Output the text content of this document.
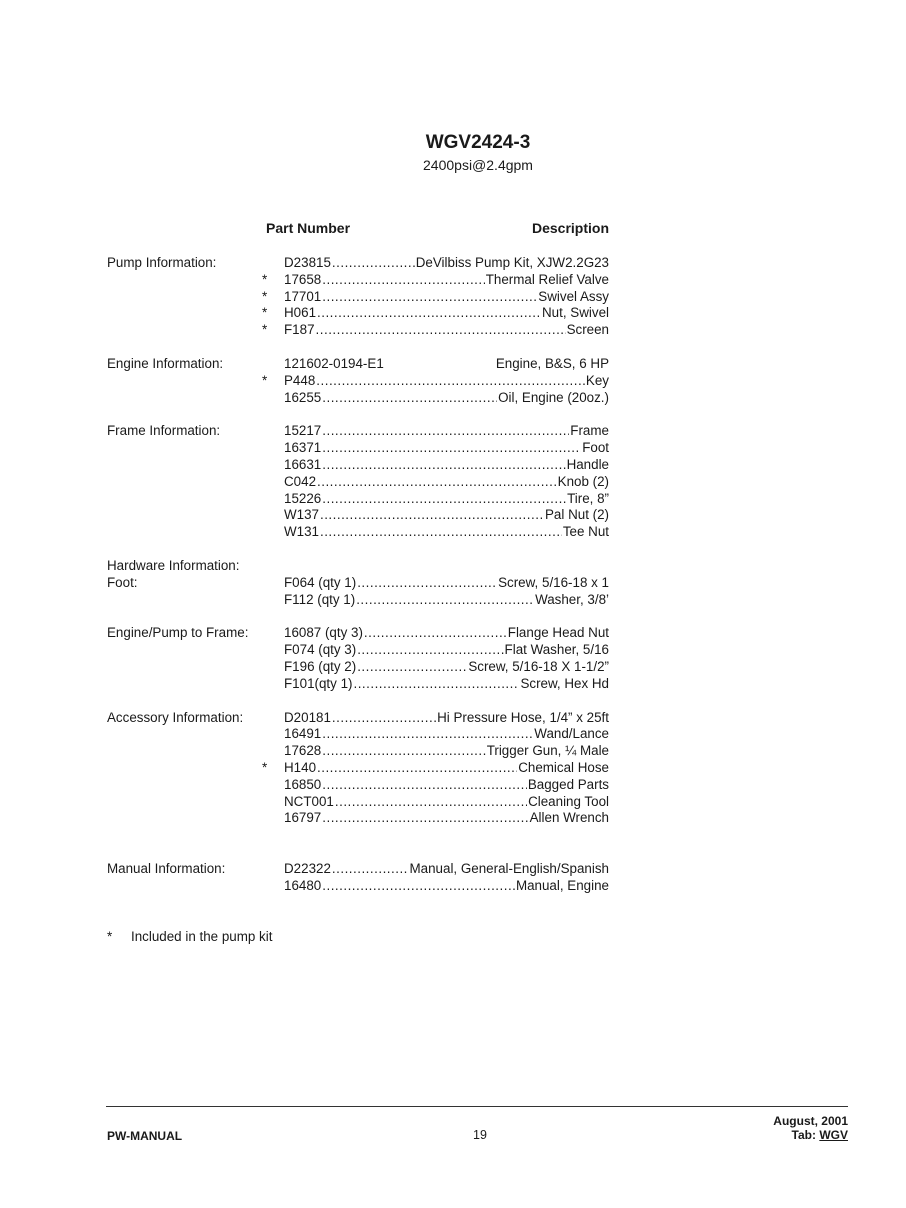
WGV2424-3
2400psi@2.4gpm
Part Number	Description
Pump Information:	D23815 .....	DeVilbiss Pump Kit, XJW2.2G23
* 17658 .....	Thermal Relief Valve
* 17701 .....	Swivel Assy
* H061 .....	Nut, Swivel
* F187 .....	Screen
Engine Information:	121602-0194-E1	Engine, B&S, 6 HP
* P448 .....	Key
16255 .....	Oil, Engine (20oz.)
Frame Information:	15217 .....	Frame
16371 .....	Foot
16631 .....	Handle
C042 .....	Knob (2)
15226 .....	Tire, 8”
W137 .....	Pal Nut (2)
W131 .....	Tee Nut
Hardware Information:
Foot:	F064 (qty 1) .....	Screw, 5/16-18 x 1
F112 (qty 1) .....	Washer, 3/8’
Engine/Pump to Frame:	16087 (qty 3) .....	Flange Head Nut
F074 (qty 3) .....	Flat Washer, 5/16
F196 (qty 2) .....	Screw, 5/16-18 X 1-1/2”
F101(qty 1) .....	Screw, Hex Hd
Accessory Information:	D20181 .....	Hi Pressure Hose, 1/4” x 25ft
16491 .....	Wand/Lance
17628 .....	Trigger Gun, ¼ Male
* H140 .....	Chemical Hose
16850 .....	Bagged Parts
NCT001 .....	Cleaning Tool
16797 .....	Allen Wrench
Manual Information:	D22322 .....	Manual, General-English/Spanish
16480 .....	Manual, Engine
* Included in the pump kit
PW-MANUAL	19
August, 2001
Tab: WGV
